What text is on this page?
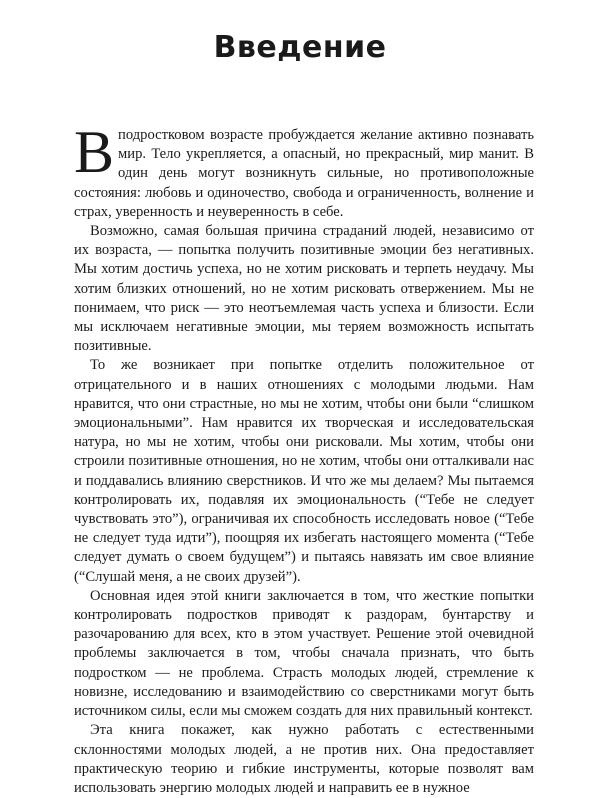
Введение

Вподростковом возрасте пробуждается желание активно познавать мир. Тело укрепляется, а опасный, но прекрасный, мир манит. В один день могут возникнуть сильные, но противоположные состояния: любовь и одиночество, свобода и ограниченность, волнение и страх, уверенность и неуверенность в себе.

Возможно, самая большая причина страданий людей, независимо от их возраста, — попытка получить позитивные эмоции без негативных. Мы хотим достичь успеха, но не хотим рисковать и терпеть неудачу. Мы хотим близких отношений, но не хотим рисковать отвержением. Мы не понимаем, что риск — это неотъемлемая часть успеха и близости. Если мы исключаем негативные эмоции, мы теряем возможность испытать позитивные.

То же возникает при попытке отделить положительное от отрицательного и в наших отношениях с молодыми людьми. Нам нравится, что они страстные, но мы не хотим, чтобы они были “слишком эмоциональными”. Нам нравится их творческая и исследовательская натура, но мы не хотим, чтобы они рисковали. Мы хотим, чтобы они строили позитивные отношения, но не хотим, чтобы они отталкивали нас и поддавались влиянию сверстников. И что же мы делаем? Мы пытаемся контролировать их, подавляя их эмоциональность (“Тебе не следует чувствовать это”), ограничивая их способность исследовать новое (“Тебе не следует туда идти”), поощряя их избегать настоящего момента (“Тебе следует думать о своем будущем”) и пытаясь навязать им свое влияние (“Слушай меня, а не своих друзей”).

Основная идея этой книги заключается в том, что жесткие попытки контролировать подростков приводят к раздорам, бунтарству и разочарованию для всех, кто в этом участвует. Решение этой очевидной проблемы заключается в том, чтобы сначала признать, что быть подростком — не проблема. Страсть молодых людей, стремление к новизне, исследованию и взаимодействию со сверстниками могут быть источником силы, если мы сможем создать для них правильный контекст.

Эта книга покажет, как нужно работать с естественными склонностями молодых людей, а не против них. Она предоставляет практическую теорию и гибкие инструменты, которые позволят вам использовать энергию молодых людей и направить ее в нужное
